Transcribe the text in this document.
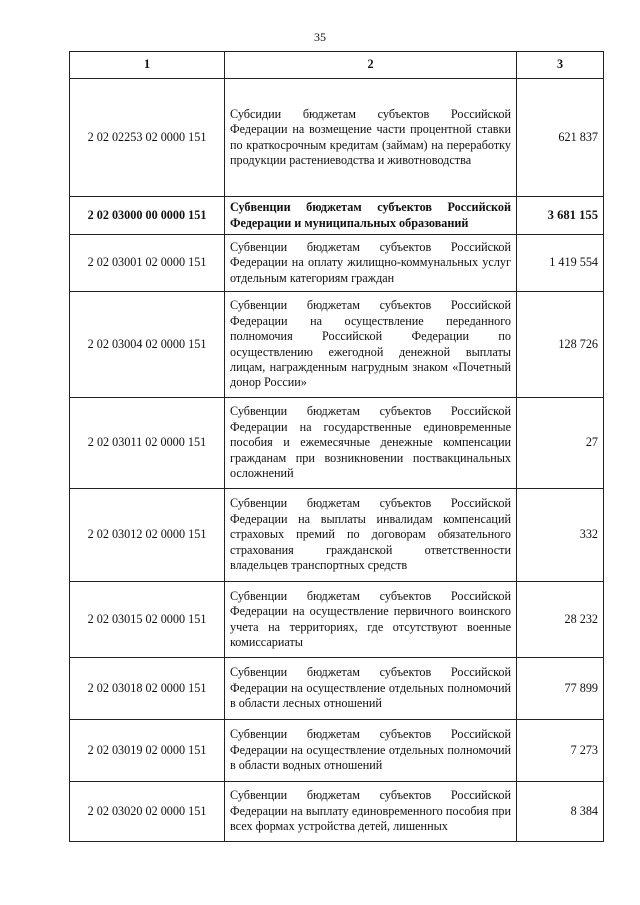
35
1	2	3
2 02 02253 02 0000 151	Субсидии бюджетам субъектов Российской Федерации на возмещение части процентной ставки по краткосрочным кредитам (займам) на переработку продукции растениеводства и животноводства	621 837
2 02 03000 00 0000 151	Субвенции бюджетам субъектов Российской Федерации и муниципальных образований	3 681 155
2 02 03001 02 0000 151	Субвенции бюджетам субъектов Российской Федерации на оплату жилищно-коммунальных услуг отдельным категориям граждан	1 419 554
2 02 03004 02 0000 151	Субвенции бюджетам субъектов Российской Федерации на осуществление переданного полномочия Российской Федерации по осуществлению ежегодной денежной выплаты лицам, награжденным нагрудным знаком «Почетный донор России»	128 726
2 02 03011 02 0000 151	Субвенции бюджетам субъектов Российской Федерации на государственные единовременные пособия и ежемесячные денежные компенсации гражданам при возникновении поствакцинальных осложнений	27
2 02 03012 02 0000 151	Субвенции бюджетам субъектов Российской Федерации на выплаты инвалидам компенсаций страховых премий по договорам обязательного страхования гражданской ответственности владельцев транспортных средств	332
2 02 03015 02 0000 151	Субвенции бюджетам субъектов Российской Федерации на осуществление первичного воинского учета на территориях, где отсутствуют военные комиссариаты	28 232
2 02 03018 02 0000 151	Субвенции бюджетам субъектов Российской Федерации на осуществление отдельных полномочий в области лесных отношений	77 899
2 02 03019 02 0000 151	Субвенции бюджетам субъектов Российской Федерации на осуществление отдельных полномочий в области водных отношений	7 273
2 02 03020 02 0000 151	Субвенции бюджетам субъектов Российской Федерации на выплату единовременного пособия при всех формах устройства детей, лишенных	8 384
